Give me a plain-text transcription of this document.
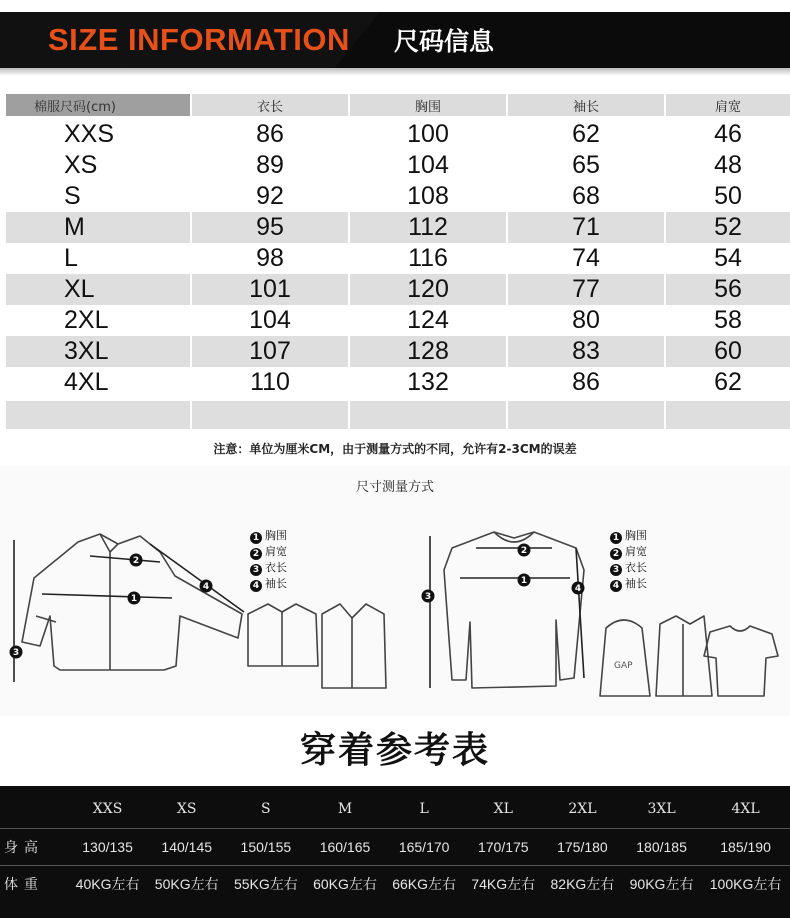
SIZE INFORMATION 尺码信息
棉服尺码(cm)	衣长	胸围	袖长	肩宽

XXS	86	100	62	46
XS	89	104	65	48
S	92	108	68	50
M	95	112	71	52
L	98	116	74	54
XL	101	120	77	56
2XL	104	124	80	58
3XL	107	128	83	60
4XL	110	132	86	62

注意：单位为厘米CM，由于测量方式的不同，允许有2-3CM的误差
尺寸测量方式
GAP
1
2
3
4
1
2
3
4
1 胸围
2 肩宽
3 衣长
4 袖长
1 胸围
2 肩宽
3 衣长
4 袖长
穿着参考表
	XXS	XS	S	M	L	XL	2XL	3XL	4XL
身高	130/135	140/145	150/155	160/165	165/170	170/175	175/180	180/185	185/190
体重	40KG左右	50KG左右	55KG左右	60KG左右	66KG左右	74KG左右	82KG左右	90KG左右	100KG左右
